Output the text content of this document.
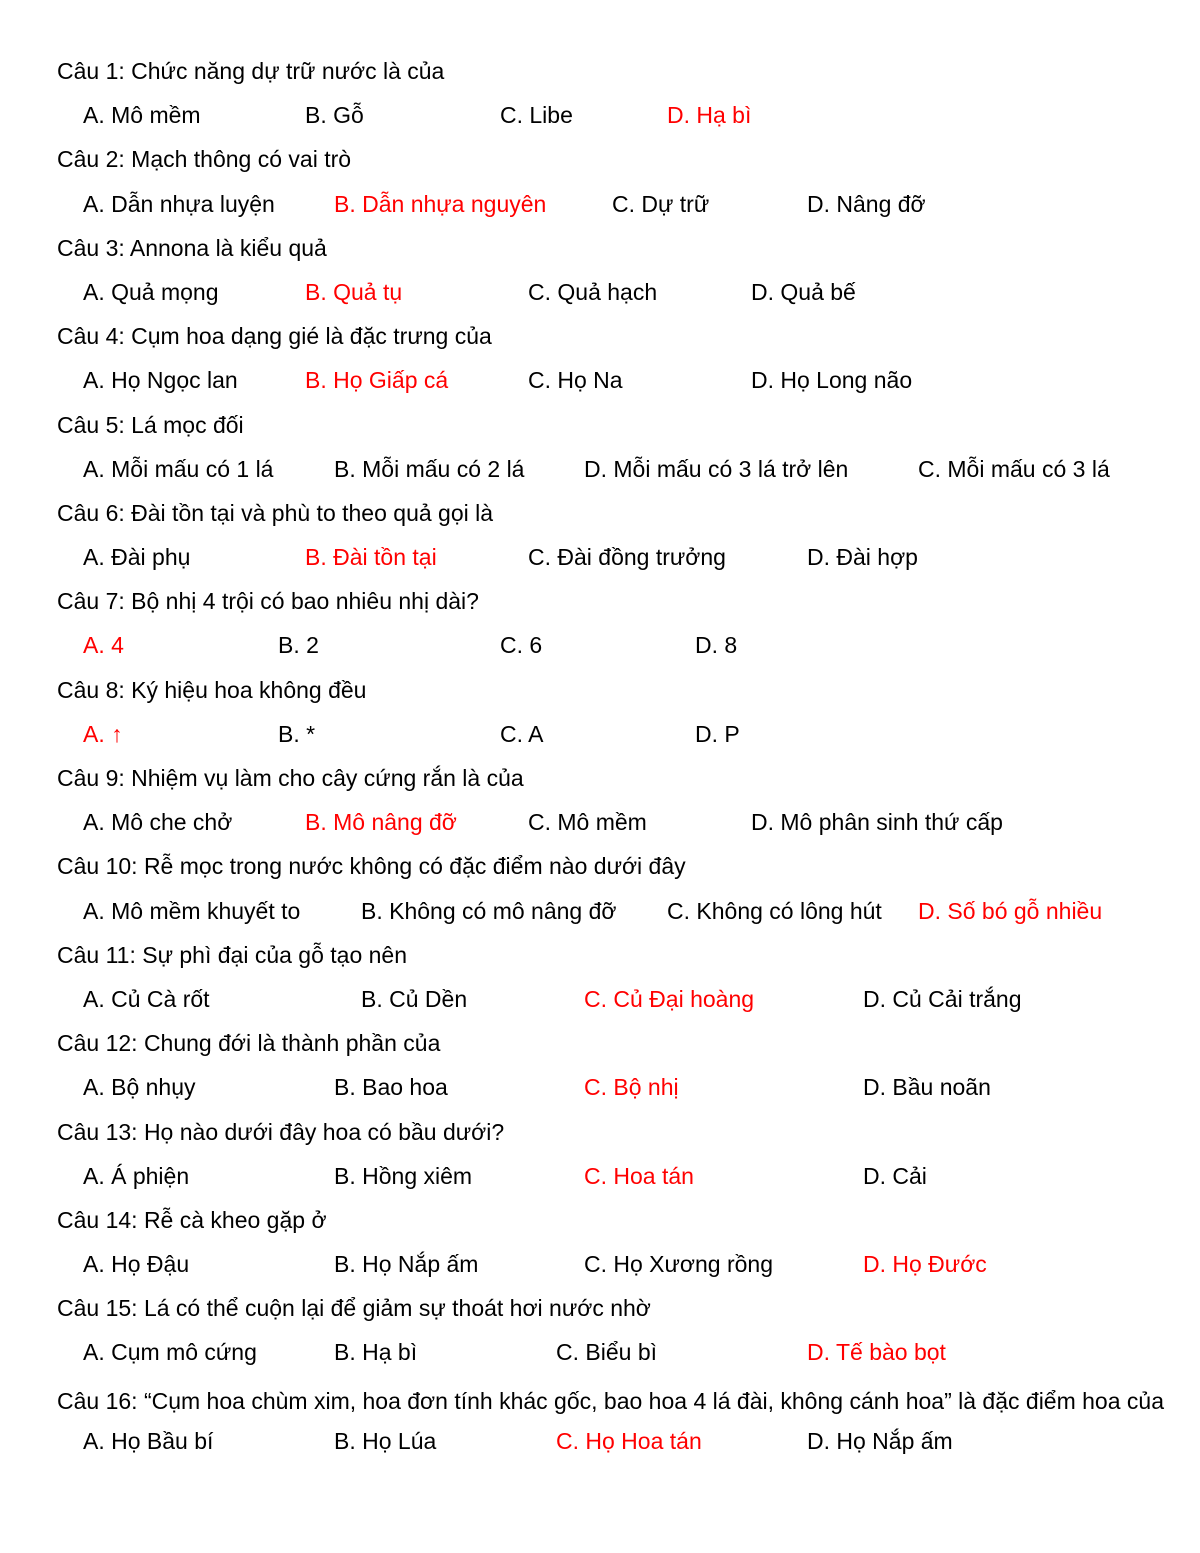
Câu 1: Chức năng dự trữ nước là của
A. Mô mềm	B. Gỗ	C. Libe	D. Hạ bì
Câu 2: Mạch thông có vai trò
A. Dẫn nhựa luyện	B. Dẫn nhựa nguyên	C. Dự trữ	D. Nâng đỡ
Câu 3: Annona là kiểu quả
A. Quả mọng	B. Quả tụ	C. Quả hạch	D. Quả bế
Câu 4: Cụm hoa dạng gié là đặc trưng của
A. Họ Ngọc lan	B. Họ Giấp cá	C. Họ Na	D. Họ Long não
Câu 5: Lá mọc đối
A. Mỗi mấu có 1 lá	B. Mỗi mấu có 2 lá	D. Mỗi mấu có 3 lá trở lên	C. Mỗi mấu có 3 lá
Câu 6: Đài tồn tại và phù to theo quả gọi là
A. Đài phụ	B. Đài tồn tại	C. Đài đồng trưởng	D. Đài hợp
Câu 7: Bộ nhị 4 trội có bao nhiêu nhị dài?
A. 4	B. 2	C. 6	D. 8
Câu 8: Ký hiệu hoa không đều
A. ↑	B. *	C. A	D. P
Câu 9: Nhiệm vụ làm cho cây cứng rắn là của
A. Mô che chở	B. Mô nâng đỡ	C. Mô mềm	D. Mô phân sinh thứ cấp
Câu 10: Rễ mọc trong nước không có đặc điểm nào dưới đây
A. Mô mềm khuyết to	B. Không có mô nâng đỡ C. Không có lông hút D. Số bó gỗ nhiều
Câu 11: Sự phì đại của gỗ tạo nên
A. Củ Cà rốt	B. Củ Dền	C. Củ Đại hoàng	D. Củ Cải trắng
Câu 12: Chung đới là thành phần của
A. Bộ nhụy	B. Bao hoa	C. Bộ nhị	D. Bầu noãn
Câu 13: Họ nào dưới đây hoa có bầu dưới?
A. Á phiện	B. Hồng xiêm	C. Hoa tán	D. Cải
Câu 14: Rễ cà kheo gặp ở
A. Họ Đậu	B. Họ Nắp ấm	C. Họ Xương rồng	D. Họ Đước
Câu 15: Lá có thể cuộn lại để giảm sự thoát hơi nước nhờ
A. Cụm mô cứng	B. Hạ bì	C. Biểu bì	D. Tế bào bọt
Câu 16: “Cụm hoa chùm xim, hoa đơn tính khác gốc, bao hoa 4 lá đài, không cánh hoa” là đặc điểm hoa của
A. Họ Bầu bí	B. Họ Lúa	C. Họ Hoa tán	D. Họ Nắp ấm
